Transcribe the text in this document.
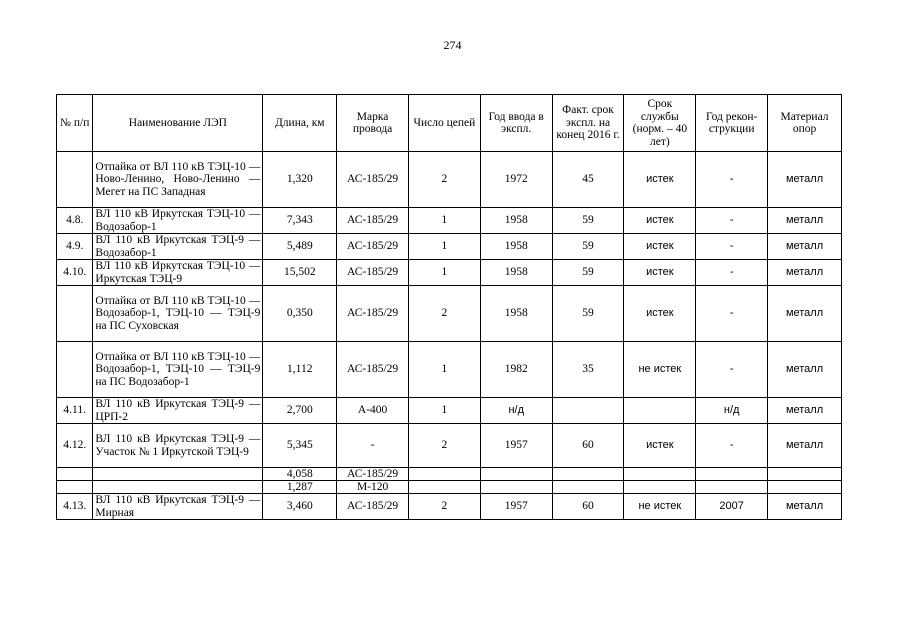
274
№ п/п	Наименование ЛЭП	Длина, км	Марка провода	Число цепей	Год ввода в экспл.	Факт. срок экспл. на конец 2016 г.	Срок службы (норм. – 40 лет)	Год рекон-струкции	Материал опор
	Отпайка от ВЛ 110 кВ ТЭЦ-10 — Ново-Ленино, Ново-Ленино — Мегет на ПС Западная	1,320	АС-185/29	2	1972	45	истек	-	металл
4.8.	ВЛ 110 кВ Иркутская ТЭЦ-10 — Водозабор-1	7,343	АС-185/29	1	1958	59	истек	-	металл
4.9.	ВЛ 110 кВ Иркутская ТЭЦ-9 — Водозабор-1	5,489	АС-185/29	1	1958	59	истек	-	металл
4.10.	ВЛ 110 кВ Иркутская ТЭЦ-10 — Иркутская ТЭЦ-9	15,502	АС-185/29	1	1958	59	истек	-	металл
	Отпайка от ВЛ 110 кВ ТЭЦ-10 — Водозабор-1, ТЭЦ-10 — ТЭЦ-9 на ПС Суховская	0,350	АС-185/29	2	1958	59	истек	-	металл
	Отпайка от ВЛ 110 кВ ТЭЦ-10 — Водозабор-1, ТЭЦ-10 — ТЭЦ-9 на ПС Водозабор-1	1,112	АС-185/29	1	1982	35	не истек	-	металл
4.11.	ВЛ 110 кВ Иркутская ТЭЦ-9 — ЦРП-2	2,700	А-400	1	н/д			н/д	металл
4.12.	ВЛ 110 кВ Иркутская ТЭЦ-9 — Участок № 1 Иркутской ТЭЦ-9	5,345	-	2	1957	60	истек	-	металл
		4,058	АС-185/29						
		1,287	М-120						
4.13.	ВЛ 110 кВ Иркутская ТЭЦ-9 — Мирная	3,460	АС-185/29	2	1957	60	не истек	2007	металл
